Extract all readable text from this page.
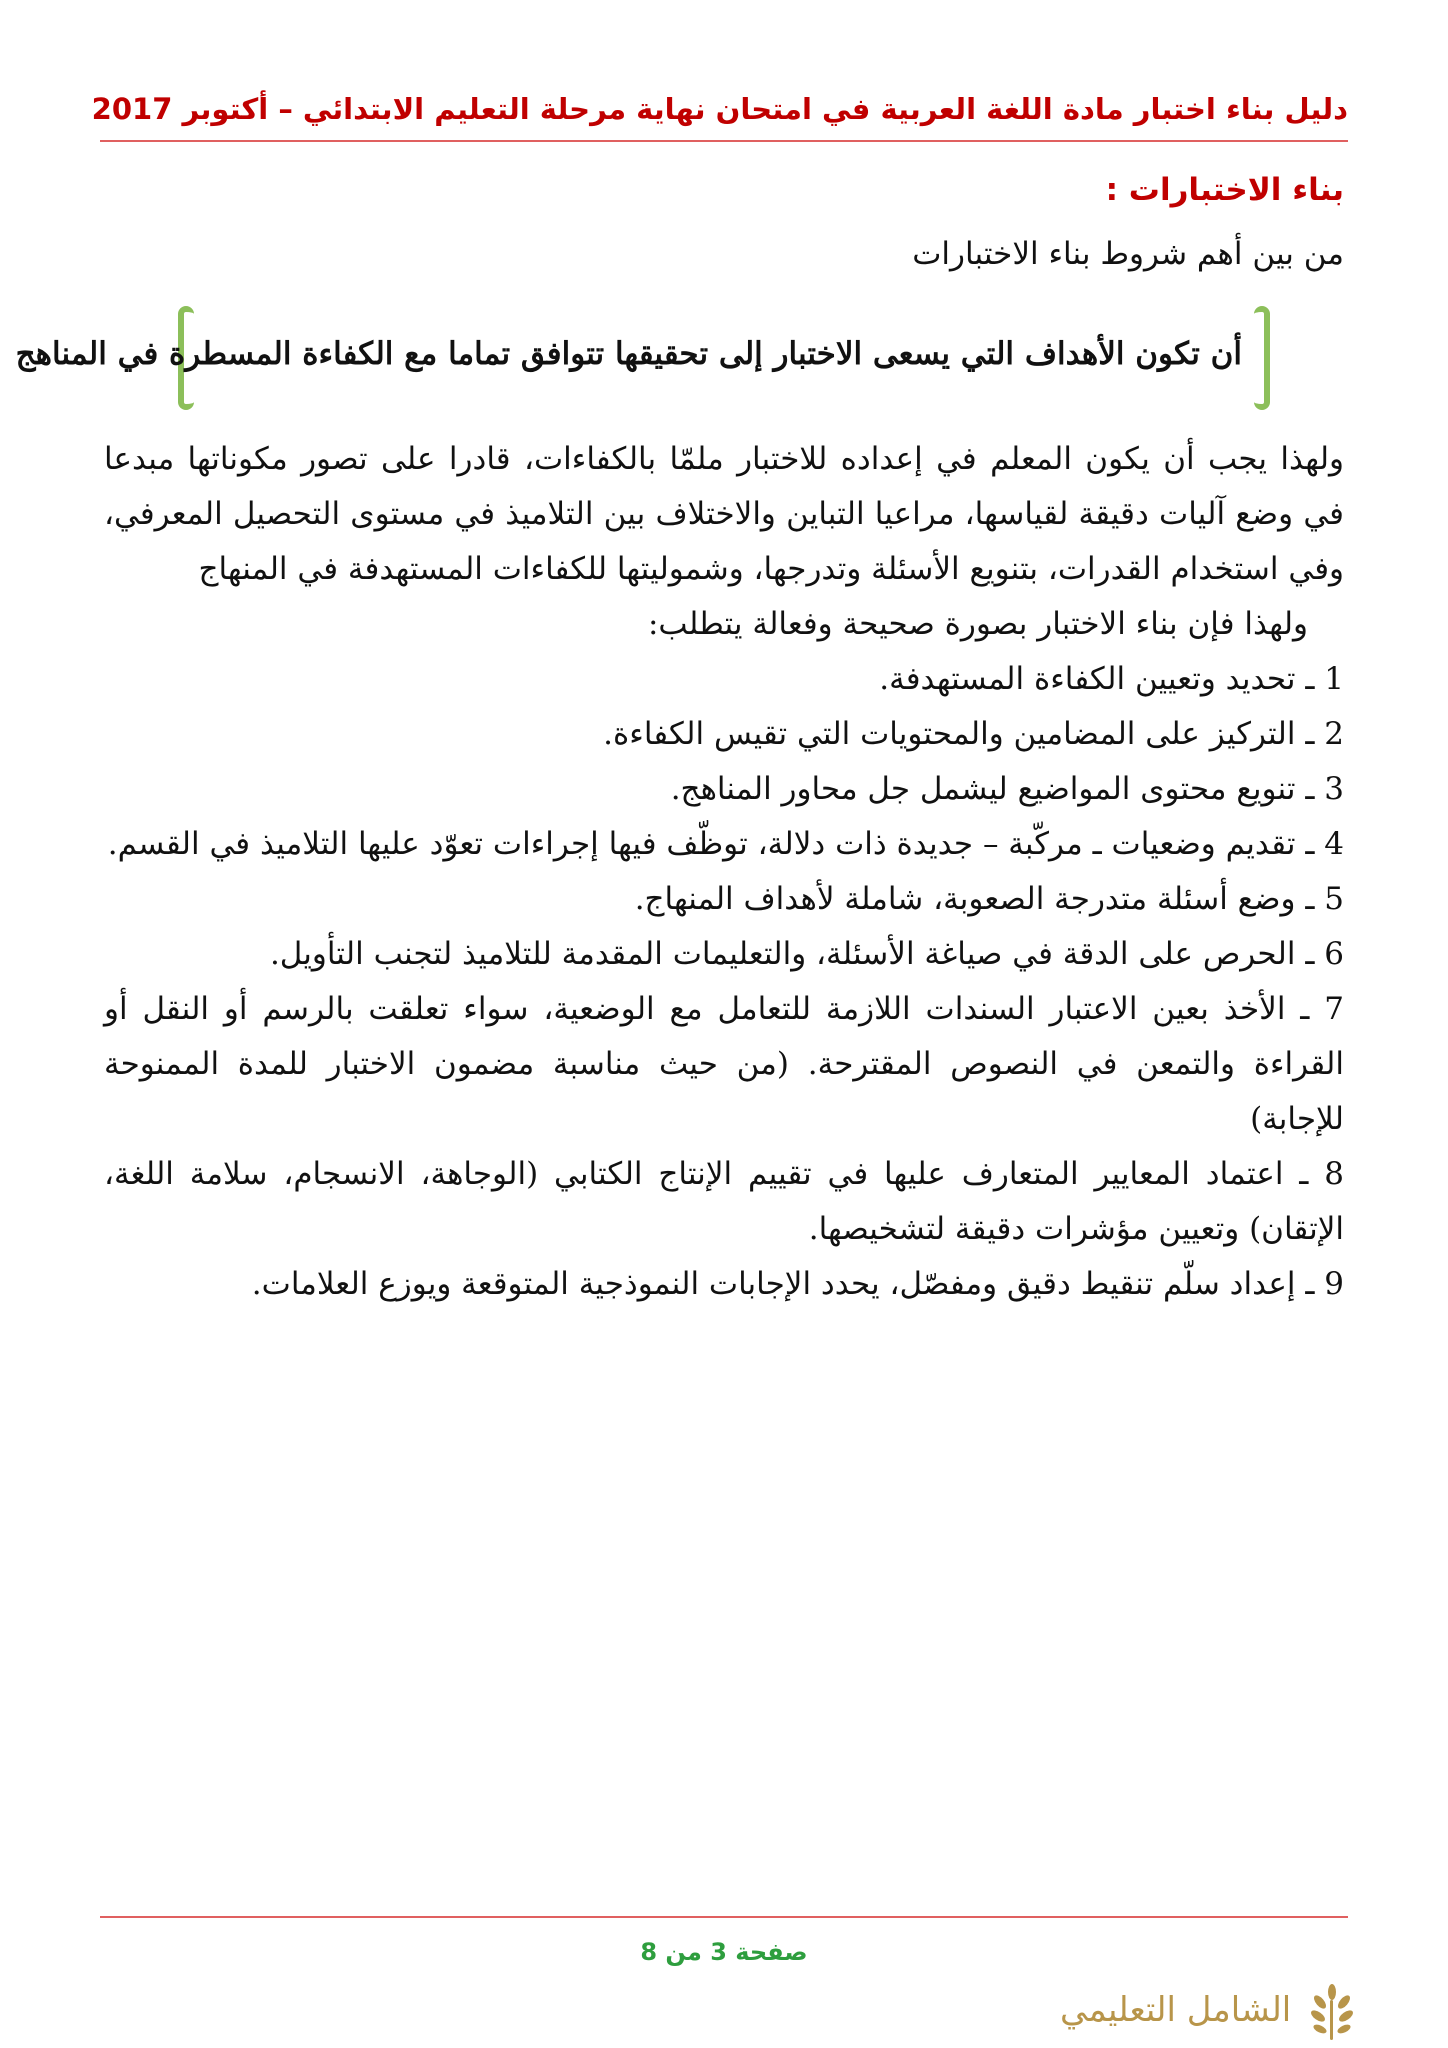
دليل بناء اختبار مادة اللغة العربية في امتحان نهاية مرحلة التعليم الابتدائي – أكتوبر 2017
بناء الاختبارات :
من بين أهم شروط بناء الاختبارات
أن تكون الأهداف التي يسعى الاختبار إلى تحقيقها تتوافق تماما مع الكفاءة المسطرة في المناهج

ولهذا يجب أن يكون المعلم في إعداده للاختبار ملمّا بالكفاءات، قادرا على تصور مكوناتها مبدعا في وضع آليات دقيقة لقياسها، مراعيا التباين والاختلاف بين التلاميذ في مستوى التحصيل المعرفي، وفي استخدام القدرات، بتنويع الأسئلة وتدرجها، وشموليتها للكفاءات المستهدفة في المنهاج

ولهذا فإن بناء الاختبار بصورة صحيحة وفعالة يتطلب:

1 ـ تحديد وتعيين الكفاءة المستهدفة.

2 ـ التركيز على المضامين والمحتويات التي تقيس الكفاءة.

3 ـ تنويع محتوى المواضيع ليشمل جل محاور المناهج.

4 ـ تقديم وضعيات ـ مركّبة – جديدة ذات دلالة، توظّف فيها إجراءات تعوّد عليها التلاميذ في القسم.

5 ـ وضع أسئلة متدرجة الصعوبة، شاملة لأهداف المنهاج.

6 ـ الحرص على الدقة في صياغة الأسئلة، والتعليمات المقدمة للتلاميذ لتجنب التأويل.

7 ـ الأخذ بعين الاعتبار السندات اللازمة للتعامل مع الوضعية، سواء تعلقت بالرسم أو النقل أو القراءة والتمعن في النصوص المقترحة. (من حيث مناسبة مضمون الاختبار للمدة الممنوحة للإجابة)

8 ـ اعتماد المعايير المتعارف عليها في تقييم الإنتاج الكتابي (الوجاهة، الانسجام، سلامة اللغة، الإتقان) وتعيين مؤشرات دقيقة لتشخيصها.

9 ـ إعداد سلّم تنقيط دقيق ومفصّل، يحدد الإجابات النموذجية المتوقعة ويوزع العلامات.

صفحة 3 من 8
الشامل التعليمي
